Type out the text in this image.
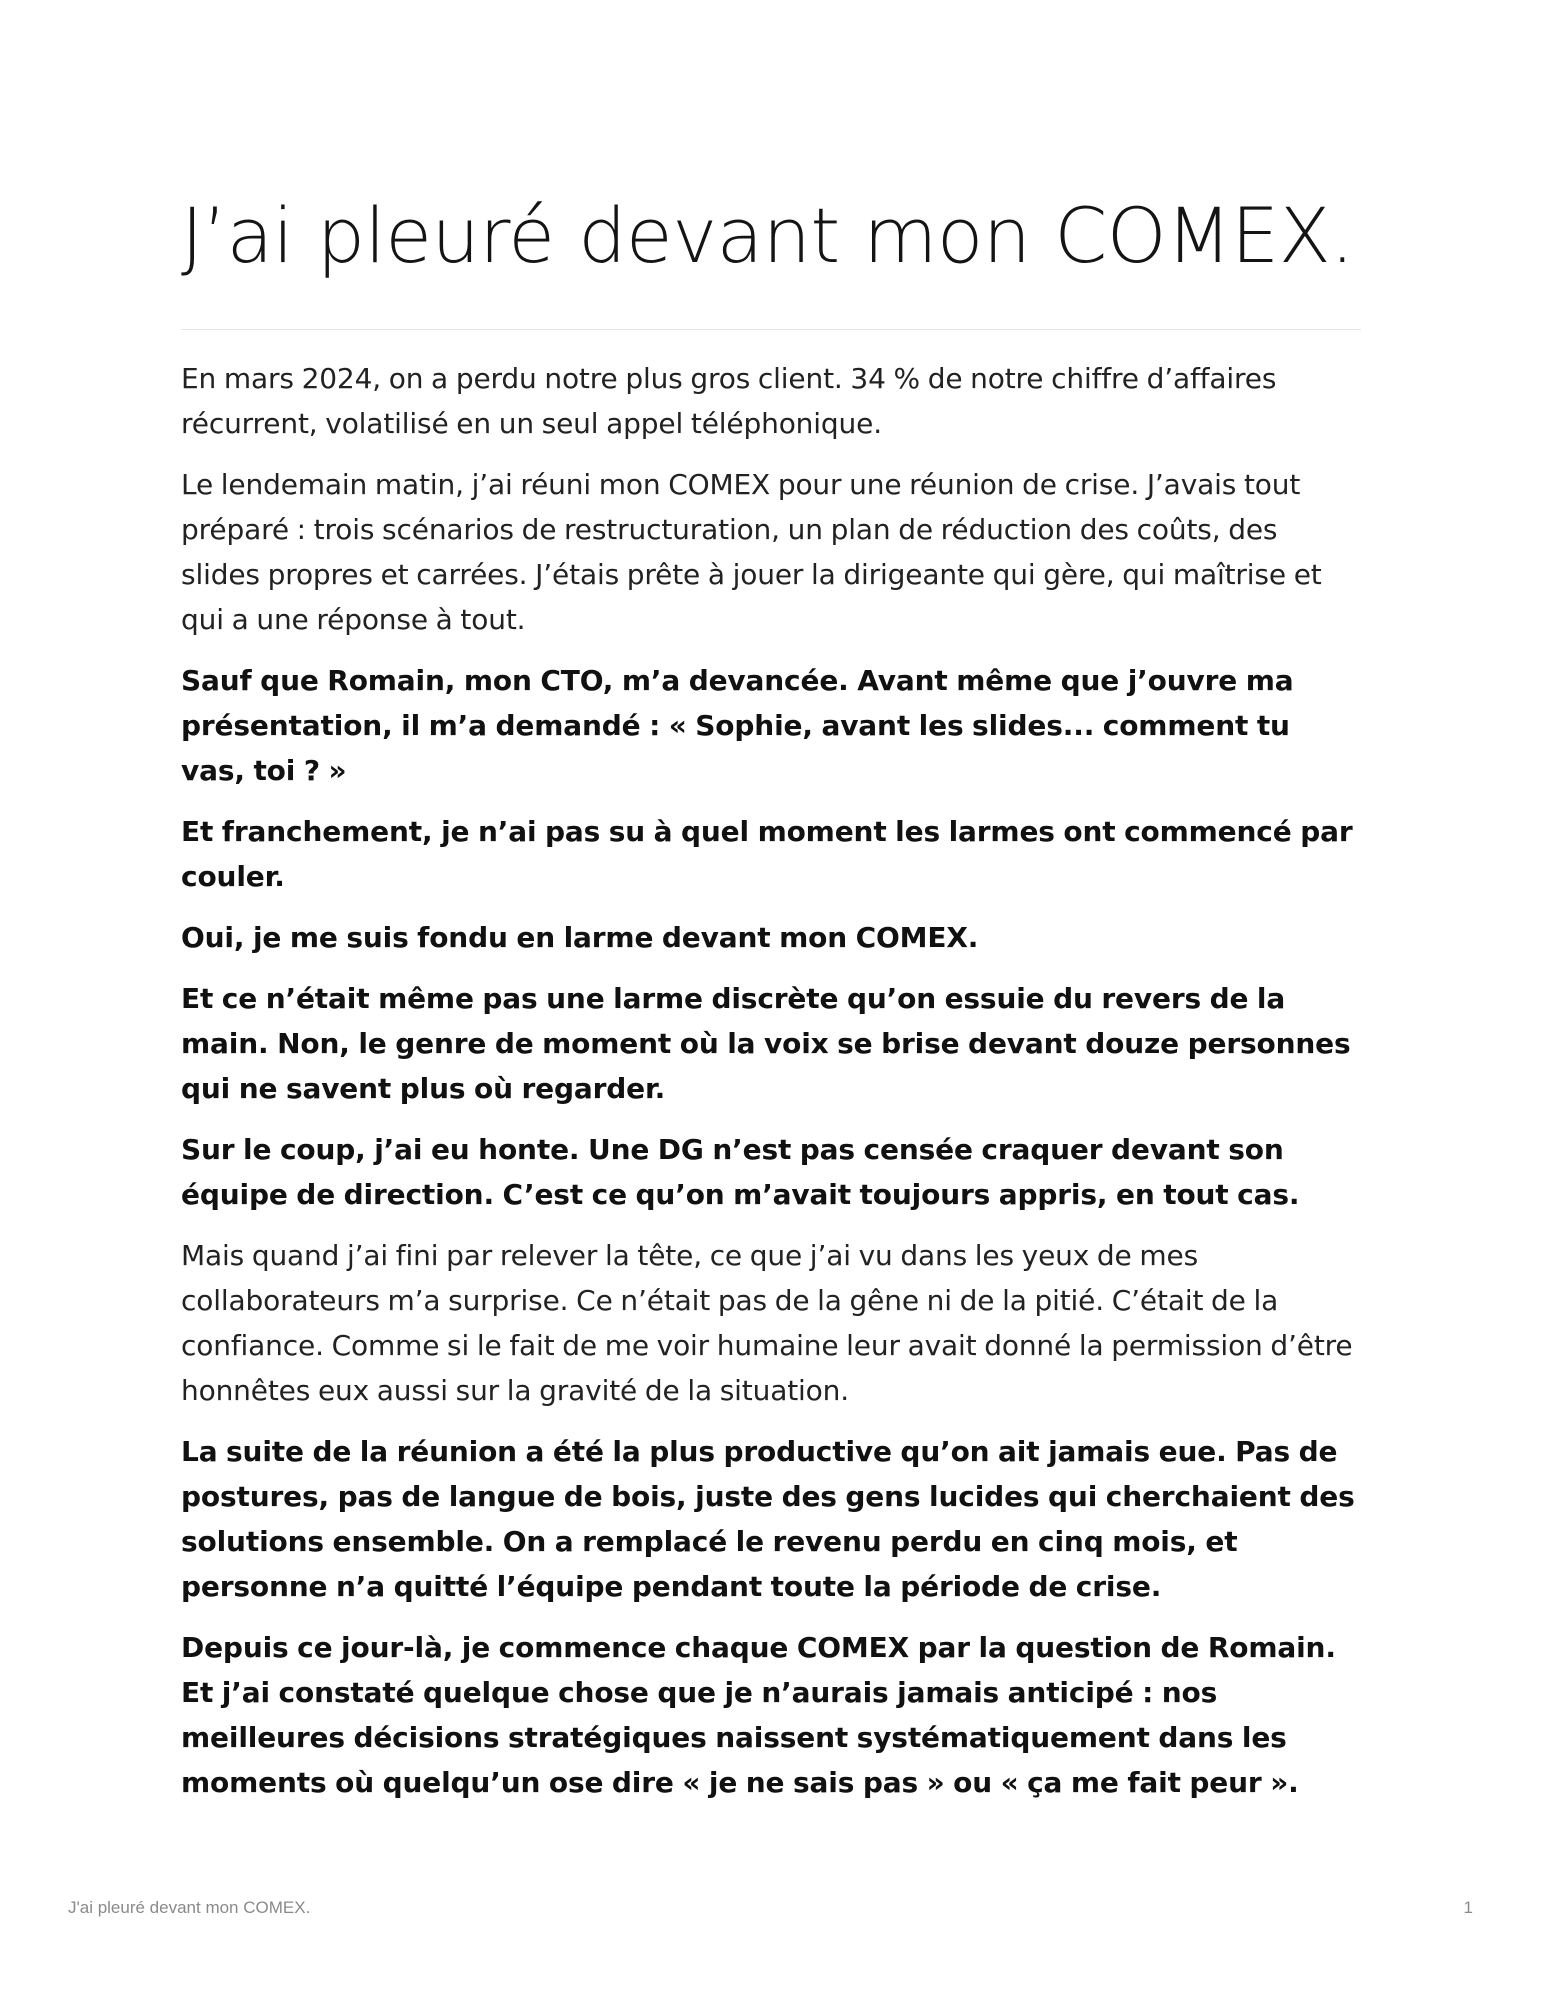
J’ai pleuré devant mon COMEX.

En mars 2024, on a perdu notre plus gros client. 34 % de notre chiffre d’affaires récurrent, volatilisé en un seul appel téléphonique.

Le lendemain matin, j’ai réuni mon COMEX pour une réunion de crise. J’avais tout préparé : trois scénarios de restructuration, un plan de réduction des coûts, des slides propres et carrées. J’étais prête à jouer la dirigeante qui gère, qui maîtrise et qui a une réponse à tout.

Sauf que Romain, mon CTO, m’a devancée. Avant même que j’ouvre ma présentation, il m’a demandé : « Sophie, avant les slides... comment tu vas, toi ? »

Et franchement, je n’ai pas su à quel moment les larmes ont commencé par couler.

Oui, je me suis fondu en larme devant mon COMEX.

Et ce n’était même pas une larme discrète qu’on essuie du revers de la main. Non, le genre de moment où la voix se brise devant douze personnes qui ne savent plus où regarder.

Sur le coup, j’ai eu honte. Une DG n’est pas censée craquer devant son équipe de direction. C’est ce qu’on m’avait toujours appris, en tout cas.

Mais quand j’ai fini par relever la tête, ce que j’ai vu dans les yeux de mes collaborateurs m’a surprise. Ce n’était pas de la gêne ni de la pitié. C’était de la confiance. Comme si le fait de me voir humaine leur avait donné la permission d’être honnêtes eux aussi sur la gravité de la situation.

La suite de la réunion a été la plus productive qu’on ait jamais eue. Pas de postures, pas de langue de bois, juste des gens lucides qui cherchaient des solutions ensemble. On a remplacé le revenu perdu en cinq mois, et personne n’a quitté l’équipe pendant toute la période de crise.

Depuis ce jour-là, je commence chaque COMEX par la question de Romain. Et j’ai constaté quelque chose que je n’aurais jamais anticipé : nos meilleures décisions stratégiques naissent systématiquement dans les moments où quelqu’un ose dire « je ne sais pas » ou « ça me fait peur ».

J'ai pleuré devant mon COMEX.	1
